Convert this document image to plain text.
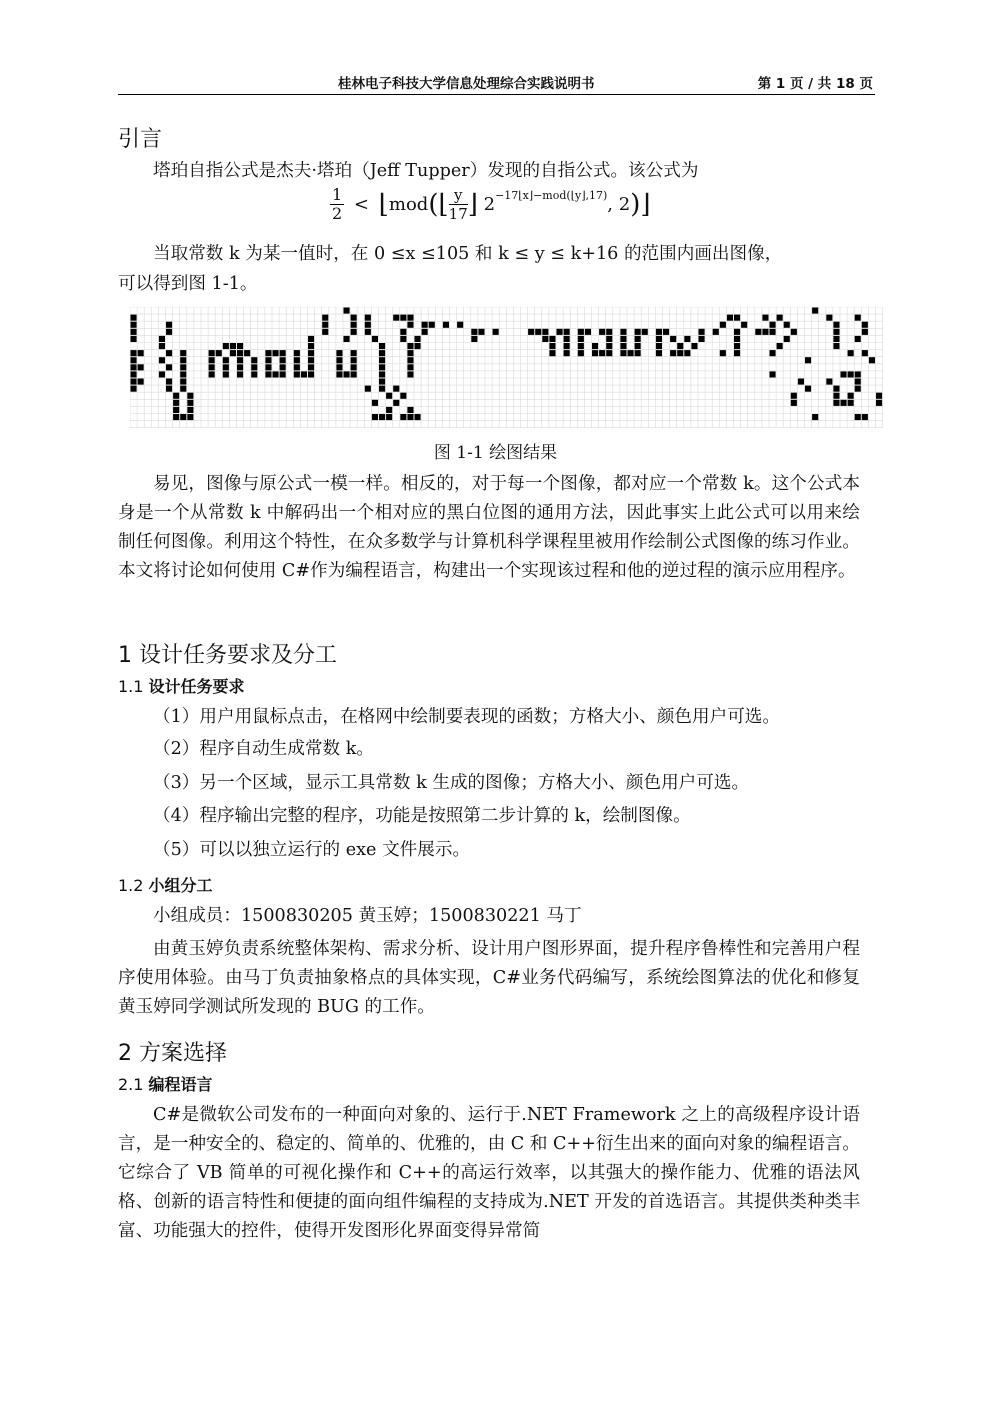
桂林电子科技大学信息处理综合实践说明书	第 1 页 / 共 18 页
引言
塔珀自指公式是杰夫·塔珀（Jeff Tupper）发现的自指公式。该公式为
$\frac{1}{2}$ < ⌊mod(⌊ $\frac{y}{17}$ ⌋ $2^{-17⌊x⌋-mod(⌊y⌋,17)}$, 2)⌋
当取常数 k 为某一值时，在 0 ≤x ≤105 和 k ≤ y ≤ k+16 的范围内画出图像，
可以得到图 1-1。
图 1-1 绘图结果

易见，图像与原公式一模一样。相反的，对于每一个图像，都对应一个常数 k。这个公式本身是一个从常数 k 中解码出一个相对应的黑白位图的通用方法，因此事实上此公式可以用来绘制任何图像。利用这个特性，在众多数学与计算机科学课程里被用作绘制公式图像的练习作业。本文将讨论如何使用 C#作为编程语言，构建出一个实现该过程和他的逆过程的演示应用程序。

1 设计任务要求及分工
1.1 设计任务要求
（1）用户用鼠标点击，在格网中绘制要表现的函数；方格大小、颜色用户可选。
（2）程序自动生成常数 k。
（3）另一个区域，显示工具常数 k 生成的图像；方格大小、颜色用户可选。
（4）程序输出完整的程序，功能是按照第二步计算的 k，绘制图像。
（5）可以以独立运行的 exe 文件展示。
1.2 小组分工
小组成员：1500830205 黄玉婷；1500830221 马丁

由黄玉婷负责系统整体架构、需求分析、设计用户图形界面，提升程序鲁棒性和完善用户程序使用体验。由马丁负责抽象格点的具体实现，C#业务代码编写，系统绘图算法的优化和修复黄玉婷同学测试所发现的 BUG 的工作。

2 方案选择
2.1 编程语言

C#是微软公司发布的一种面向对象的、运行于.NET Framework 之上的高级程序设计语言，是一种安全的、稳定的、简单的、优雅的，由 C 和 C++衍生出来的面向对象的编程语言。它综合了 VB 简单的可视化操作和 C++的高运行效率，以其强大的操作能力、优雅的语法风格、创新的语言特性和便捷的面向组件编程的支持成为.NET 开发的首选语言。其提供类种类丰富、功能强大的控件，使得开发图形化界面变得异常简
